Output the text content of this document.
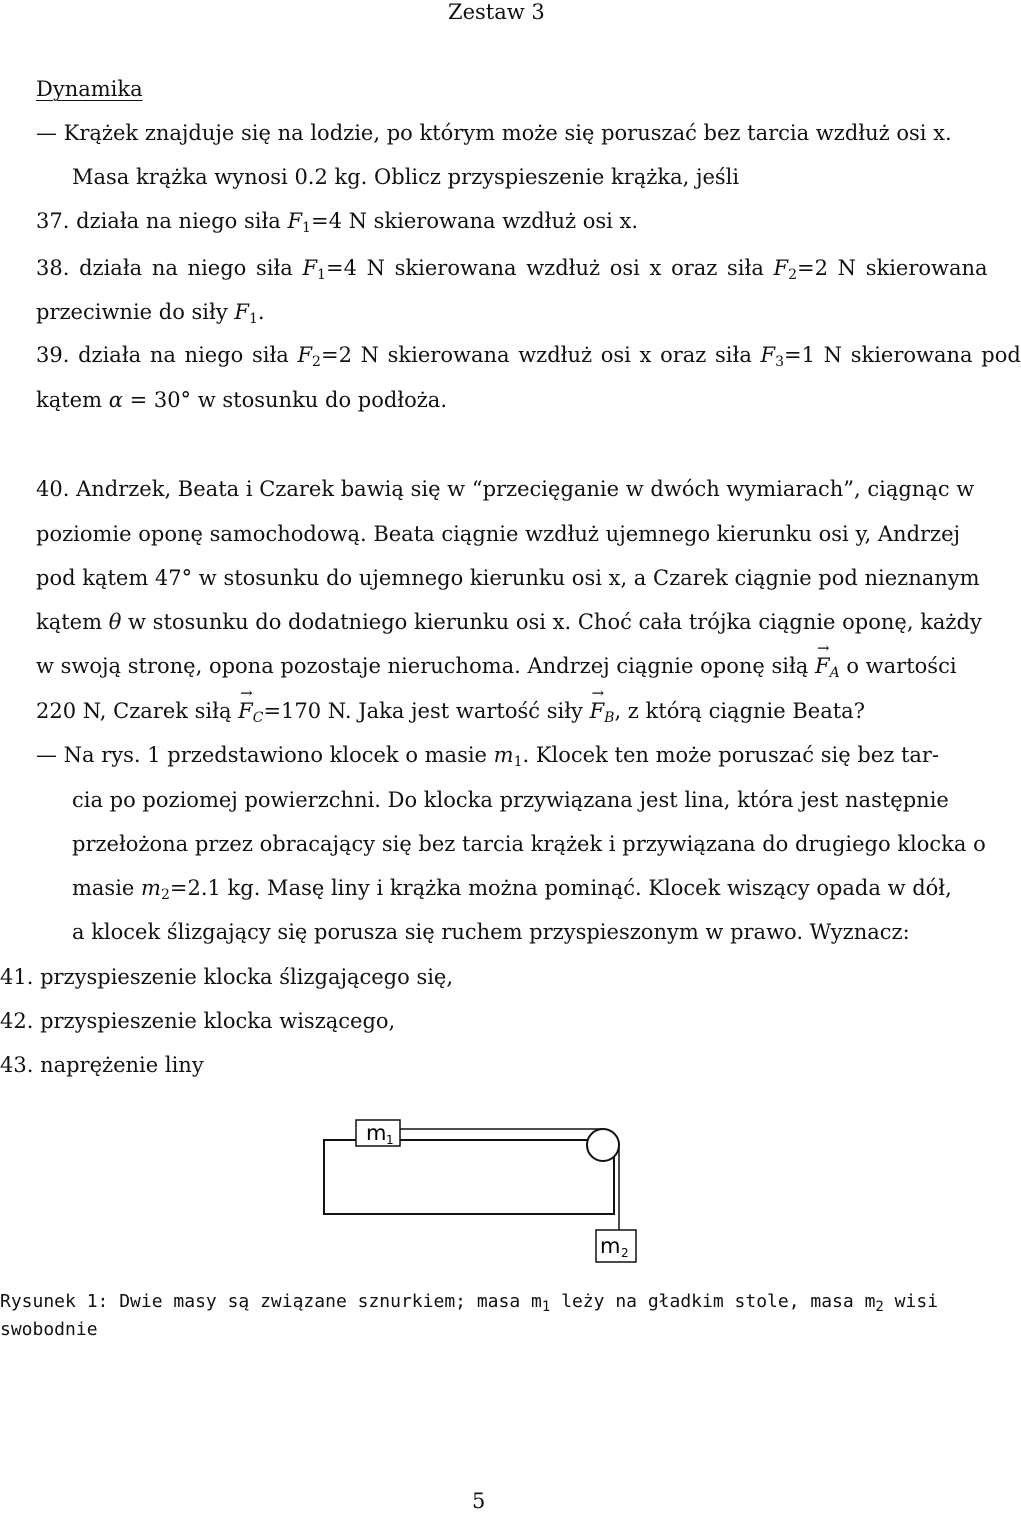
Zestaw 3
Dynamika
— Krążek znajduje się na lodzie, po którym może się poruszać bez tarcia wzdłuż osi x.
Masa krążka wynosi 0.2 kg. Oblicz przyspieszenie krążka, jeśli
37. działa na niego siła $F_1=4$ N skierowana wzdłuż osi x.
38. działa na niego siła $F_1=4$ N skierowana wzdłuż osi x oraz siła $F_2=2$ N skierowana
przeciwnie do siły $F_1$.
39. działa na niego siła $F_2=2$ N skierowana wzdłuż osi x oraz siła $F_3=1$ N skierowana pod
kątem α = 30° w stosunku do podłoża.
40. Andrzek, Beata i Czarek bawią się w “przecięganie w dwóch wymiarach”, ciągnąc w
poziomie oponę samochodową. Beata ciągnie wzdłuż ujemnego kierunku osi y, Andrzej
pod kątem 47° w stosunku do ujemnego kierunku osi x, a Czarek ciągnie pod nieznanym
kątem θ w stosunku do dodatniego kierunku osi x. Choć cała trójka ciągnie oponę, każdy
w swoją stronę, opona pozostaje nieruchoma. Andrzej ciągnie oponę siłą → FA o wartości
220 N, Czarek siłą → FC=170 N. Jaka jest wartość siły → FB, z którą ciągnie Beata?
— Na rys. 1 przedstawiono klocek o masie $m_1$. Klocek ten może poruszać się bez tar-
cia po poziomej powierzchni. Do klocka przywiązana jest lina, która jest następnie
przełożona przez obracający się bez tarcia krążek i przywiązana do drugiego klocka o
masie $m_2=2.1$ kg. Masę liny i krążka można pominąć. Klocek wiszący opada w dół,
a klocek ślizgający się porusza się ruchem przyspieszonym w prawo. Wyznacz:
41. przyspieszenie klocka ślizgającego się,
42. przyspieszenie klocka wiszącego,
43. naprężenie liny
m 1
m 2
Rysunek 1: Dwie masy są związane sznurkiem; masa $m_1$ leży na gładkim stole, masa $m_2$ wisi
swobodnie
5
